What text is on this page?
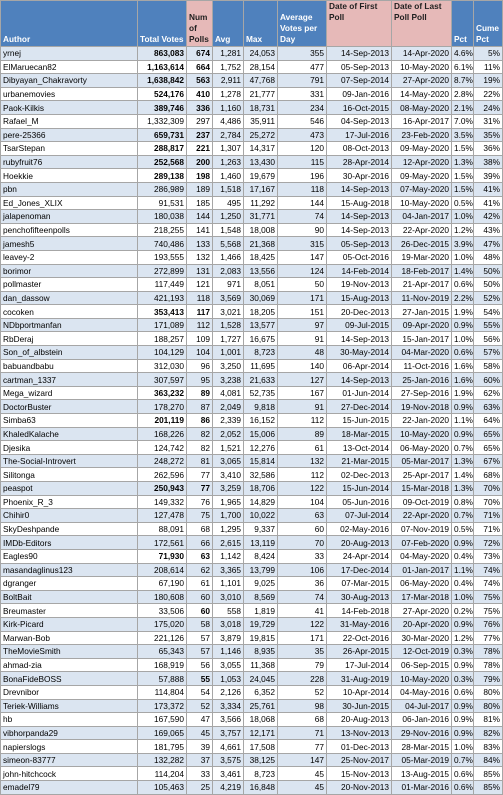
Author	Total Votes	Num of Polls	Avg	Max	Average Votes per Day	Date of First Poll	Date of Last Poll Poll	Pct	Cume Pct
yrnej	863,083	674	1,281	24,053	355	14-Sep-2013	14-Apr-2020	4.6%	5%
ElMaruecan82	1,163,614	664	1,752	28,154	477	05-Sep-2013	10-May-2020	6.1%	11%
Dibyayan_Chakravorty	1,638,842	563	2,911	47,768	791	07-Sep-2014	27-Apr-2020	8.7%	19%
urbanemovies	524,176	410	1,278	21,777	331	09-Jan-2016	14-May-2020	2.8%	22%
Paok-Kilkis	389,746	336	1,160	18,731	234	16-Oct-2015	08-May-2020	2.1%	24%
Rafael_M	1,332,309	297	4,486	35,911	546	04-Sep-2013	16-Apr-2017	7.0%	31%
pere-25366	659,731	237	2,784	25,272	473	17-Jul-2016	23-Feb-2020	3.5%	35%
TsarStepan	288,817	221	1,307	14,317	120	08-Oct-2013	09-May-2020	1.5%	36%
rubyfruit76	252,568	200	1,263	13,430	115	28-Apr-2014	12-Apr-2020	1.3%	38%
Hoekkie	289,138	198	1,460	19,679	196	30-Apr-2016	09-May-2020	1.5%	39%
pbn	286,989	189	1,518	17,167	118	14-Sep-2013	07-May-2020	1.5%	41%
Ed_Jones_XLIX	91,531	185	495	11,292	144	15-Aug-2018	10-May-2020	0.5%	41%
jalapenoman	180,038	144	1,250	31,771	74	14-Sep-2013	04-Jan-2017	1.0%	42%
penchofifteenpolls	218,255	141	1,548	18,008	90	14-Sep-2013	22-Apr-2020	1.2%	43%
jamesh5	740,486	133	5,568	21,368	315	05-Sep-2013	26-Dec-2015	3.9%	47%
leavey-2	193,555	132	1,466	18,425	147	05-Oct-2016	19-Mar-2020	1.0%	48%
borimor	272,899	131	2,083	13,556	124	14-Feb-2014	18-Feb-2017	1.4%	50%
pollmaster	117,449	121	971	8,051	50	19-Nov-2013	21-Apr-2017	0.6%	50%
dan_dassow	421,193	118	3,569	30,069	171	15-Aug-2013	11-Nov-2019	2.2%	52%
cocoken	353,413	117	3,021	18,205	151	20-Dec-2013	27-Jan-2015	1.9%	54%
NDbportmanfan	171,089	112	1,528	13,577	97	09-Jul-2015	09-Apr-2020	0.9%	55%
RbDeraj	188,257	109	1,727	16,675	91	14-Sep-2013	15-Jan-2017	1.0%	56%
Son_of_albstein	104,129	104	1,001	8,723	48	30-May-2014	04-Mar-2020	0.6%	57%
babuandbabu	312,030	96	3,250	11,695	140	06-Apr-2014	11-Oct-2016	1.6%	58%
cartman_1337	307,597	95	3,238	21,633	127	14-Sep-2013	25-Jan-2016	1.6%	60%
Mega_wizard	363,232	89	4,081	52,735	167	01-Jun-2014	27-Sep-2016	1.9%	62%
DoctorBuster	178,270	87	2,049	9,818	91	27-Dec-2014	19-Nov-2018	0.9%	63%
Simba63	201,119	86	2,339	16,152	112	15-Jun-2015	22-Jan-2020	1.1%	64%
KhaledKalache	168,226	82	2,052	15,006	89	18-Mar-2015	10-May-2020	0.9%	65%
Djesika	124,742	82	1,521	12,276	61	13-Oct-2014	06-May-2020	0.7%	65%
The-Social-Introvert	248,272	81	3,065	15,814	132	21-Mar-2015	05-Mar-2017	1.3%	67%
Silitonga	262,596	77	3,410	32,586	112	02-Dec-2013	25-Apr-2017	1.4%	68%
peaspot	250,943	77	3,259	18,706	122	15-Jun-2014	15-Mar-2018	1.3%	70%
Phoenix_R_3	149,332	76	1,965	14,829	104	05-Jun-2016	09-Oct-2019	0.8%	70%
Chihir0	127,478	75	1,700	10,022	63	07-Jul-2014	22-Apr-2020	0.7%	71%
SkyDeshpande	88,091	68	1,295	9,337	60	02-May-2016	07-Nov-2019	0.5%	71%
IMDb-Editors	172,561	66	2,615	13,119	70	20-Aug-2013	07-Feb-2020	0.9%	72%
Eagles90	71,930	63	1,142	8,424	33	24-Apr-2014	04-May-2020	0.4%	73%
masandaglinus123	208,614	62	3,365	13,799	106	17-Dec-2014	01-Jan-2017	1.1%	74%
dgranger	67,190	61	1,101	9,025	36	07-Mar-2015	06-May-2020	0.4%	74%
BoltBait	180,608	60	3,010	8,569	74	30-Aug-2013	17-Mar-2018	1.0%	75%
Breumaster	33,506	60	558	1,819	41	14-Feb-2018	27-Apr-2020	0.2%	75%
Kirk-Picard	175,020	58	3,018	19,729	122	31-May-2016	20-Apr-2020	0.9%	76%
Marwan-Bob	221,126	57	3,879	19,815	171	22-Oct-2016	30-Mar-2020	1.2%	77%
TheMovieSmith	65,343	57	1,146	8,935	35	26-Apr-2015	12-Oct-2019	0.3%	78%
ahmad-zia	168,919	56	3,055	11,368	79	17-Jul-2014	06-Sep-2015	0.9%	78%
BonaFideBOSS	57,888	55	1,053	24,045	228	31-Aug-2019	10-May-2020	0.3%	79%
Drevnibor	114,804	54	2,126	6,352	52	10-Apr-2014	04-May-2016	0.6%	80%
Teriek-Williams	173,372	52	3,334	25,761	98	30-Jun-2015	04-Jul-2017	0.9%	80%
hb	167,590	47	3,566	18,068	68	20-Aug-2013	06-Jan-2016	0.9%	81%
vibhorpanda29	169,065	45	3,757	12,171	71	13-Nov-2013	29-Nov-2016	0.9%	82%
napierslogs	181,795	39	4,661	17,508	77	01-Dec-2013	28-Mar-2015	1.0%	83%
simeon-83777	132,282	37	3,575	38,125	147	25-Nov-2017	05-Mar-2019	0.7%	84%
john-hitchcock	114,204	33	3,461	8,723	45	15-Nov-2013	13-Aug-2015	0.6%	85%
emadel79	105,463	25	4,219	16,848	45	20-Nov-2013	01-Mar-2016	0.6%	85%
